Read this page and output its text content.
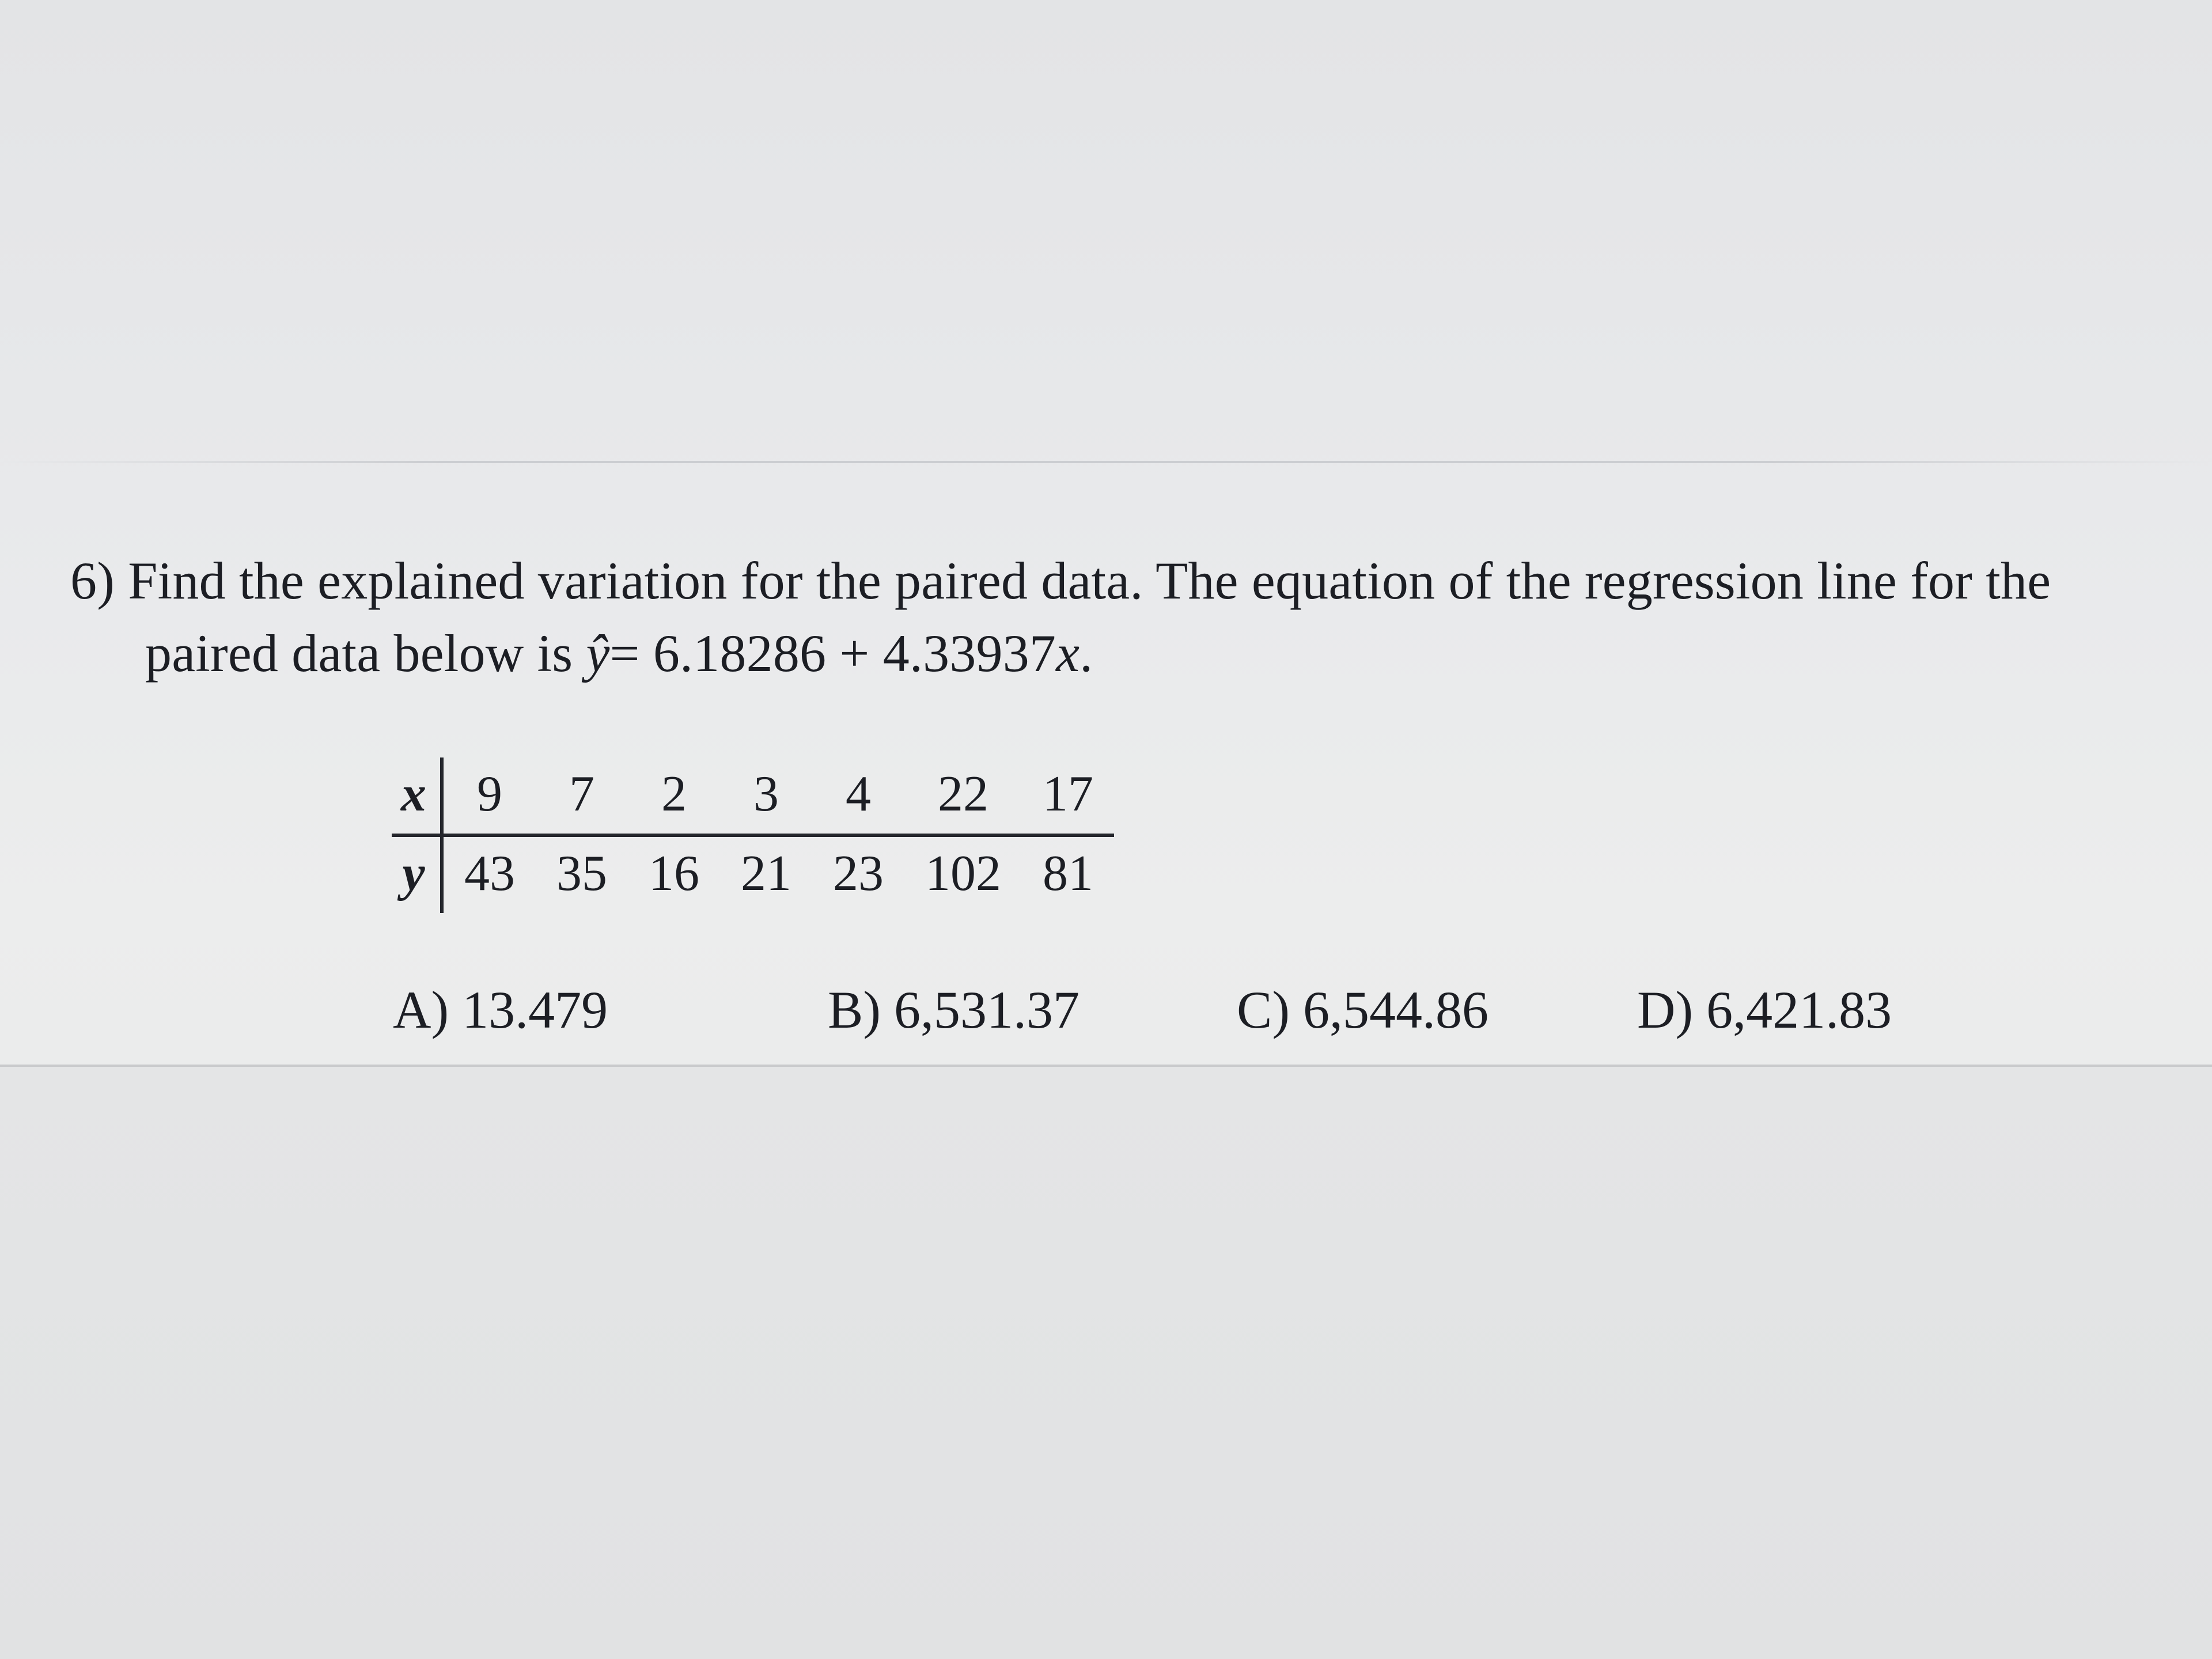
6) Find the explained variation for the paired data. The equation of the regression line for the
paired data below is ŷ= 6.18286 + 4.33937x.
x	9	7	2	3	4	22	17
y	43	35	16	21	23	102	81
A) 13.479	B) 6,531.37	C) 6,544.86	D) 6,421.83
